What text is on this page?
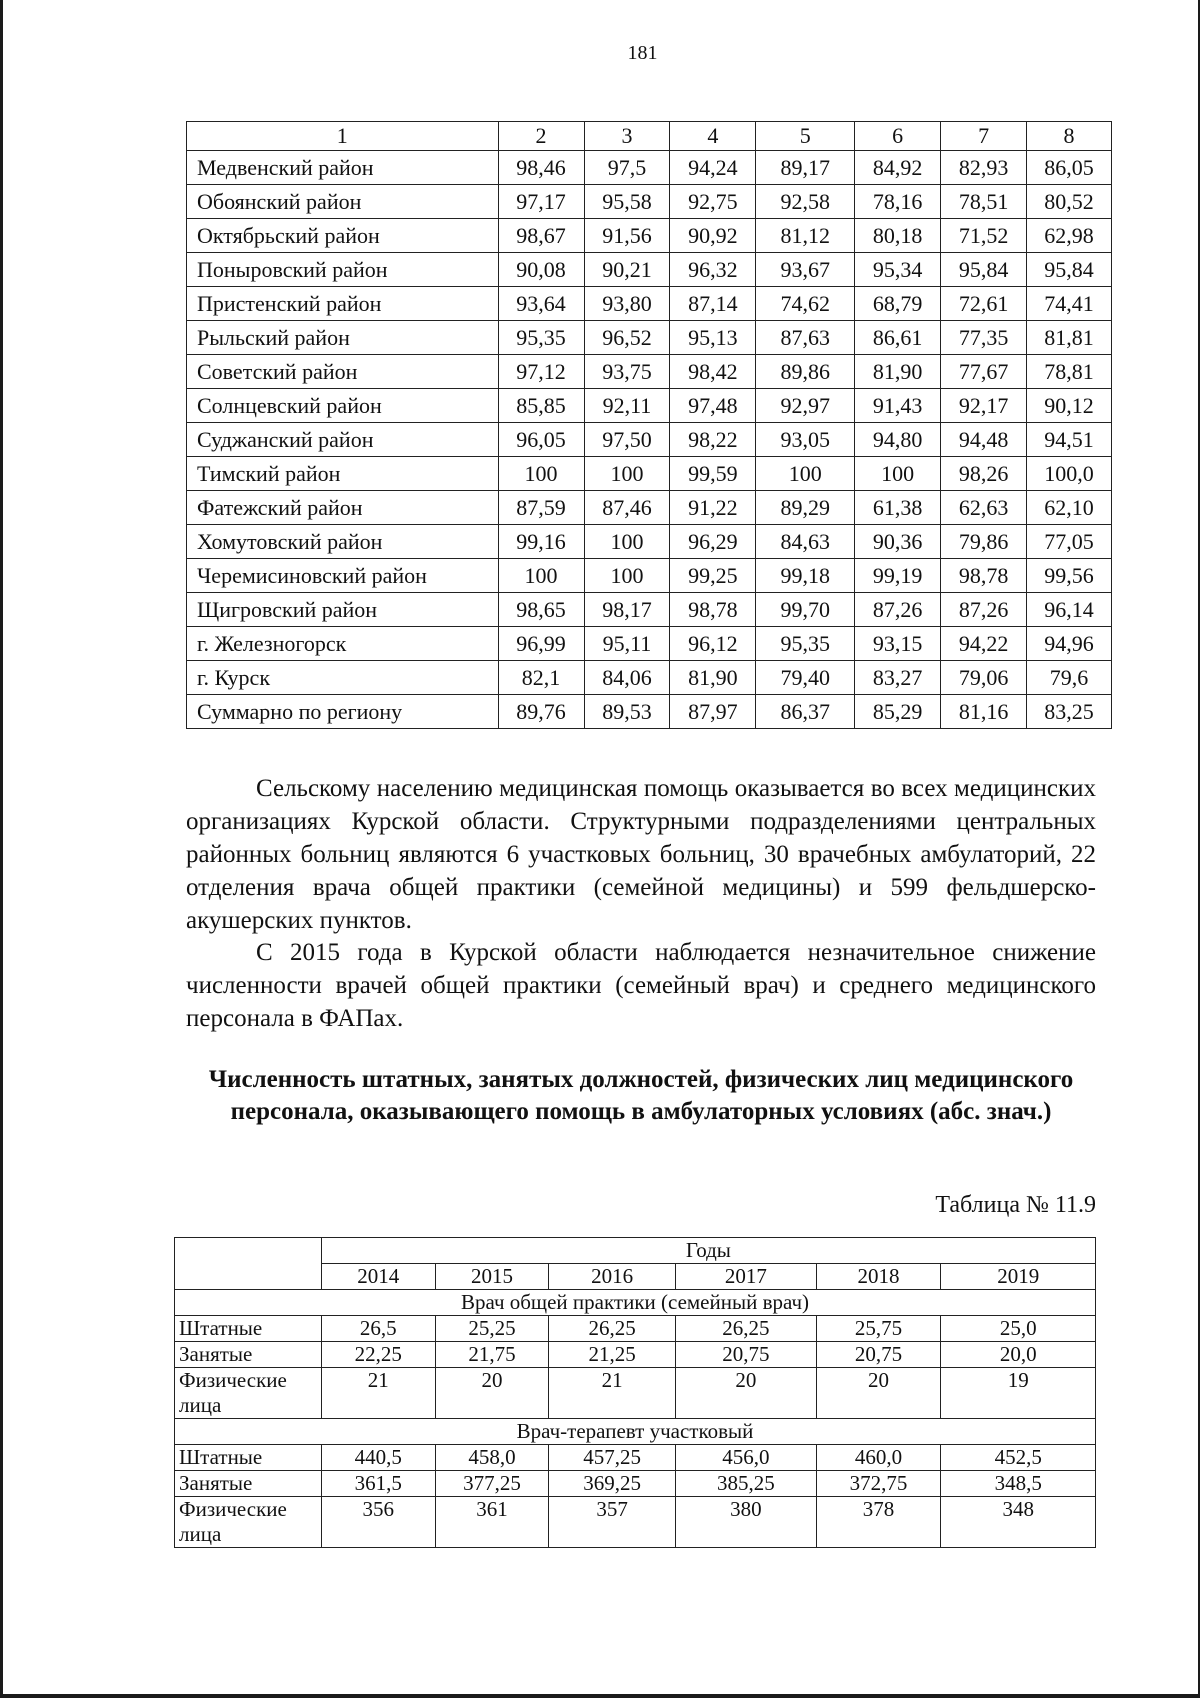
181
1	2	3	4	5	6	7	8
Медвенский район	98,46	97,5	94,24	89,17	84,92	82,93	86,05
Обоянский район	97,17	95,58	92,75	92,58	78,16	78,51	80,52
Октябрьский район	98,67	91,56	90,92	81,12	80,18	71,52	62,98
Поныровский район	90,08	90,21	96,32	93,67	95,34	95,84	95,84
Пристенский район	93,64	93,80	87,14	74,62	68,79	72,61	74,41
Рыльский район	95,35	96,52	95,13	87,63	86,61	77,35	81,81
Советский район	97,12	93,75	98,42	89,86	81,90	77,67	78,81
Солнцевский район	85,85	92,11	97,48	92,97	91,43	92,17	90,12
Суджанский район	96,05	97,50	98,22	93,05	94,80	94,48	94,51
Тимский район	100	100	99,59	100	100	98,26	100,0
Фатежский район	87,59	87,46	91,22	89,29	61,38	62,63	62,10
Хомутовский район	99,16	100	96,29	84,63	90,36	79,86	77,05
Черемисиновский район	100	100	99,25	99,18	99,19	98,78	99,56
Щигровский район	98,65	98,17	98,78	99,70	87,26	87,26	96,14
г. Железногорск	96,99	95,11	96,12	95,35	93,15	94,22	94,96
г. Курск	82,1	84,06	81,90	79,40	83,27	79,06	79,6
Суммарно по региону	89,76	89,53	87,97	86,37	85,29	81,16	83,25

Сельскому населению медицинская помощь оказывается во всех медицинских организациях Курской области. Структурными подразделениями центральных районных больниц являются 6 участковых больниц, 30 врачебных амбулаторий, 22 отделения врача общей практики (семейной медицины) и 599 фельдшерско-акушерских пунктов.

С 2015 года в Курской области наблюдается незначительное снижение численности врачей общей практики (семейный врач) и среднего медицинского персонала в ФАПах.

Численность штатных, занятых должностей, физических лиц медицинского персонала, оказывающего помощь в амбулаторных условиях (абс. знач.)

Таблица № 11.9
	Годы					
	2014	2015	2016	2017	2018	2019
Врач общей практики (семейный врач)						
Штатные	26,5	25,25	26,25	26,25	25,75	25,0
Занятые	22,25	21,75	21,25	20,75	20,75	20,0
Физические лица	21	20	21	20	20	19
Врач-терапевт участковый						
Штатные	440,5	458,0	457,25	456,0	460,0	452,5
Занятые	361,5	377,25	369,25	385,25	372,75	348,5
Физические лица	356	361	357	380	378	348
